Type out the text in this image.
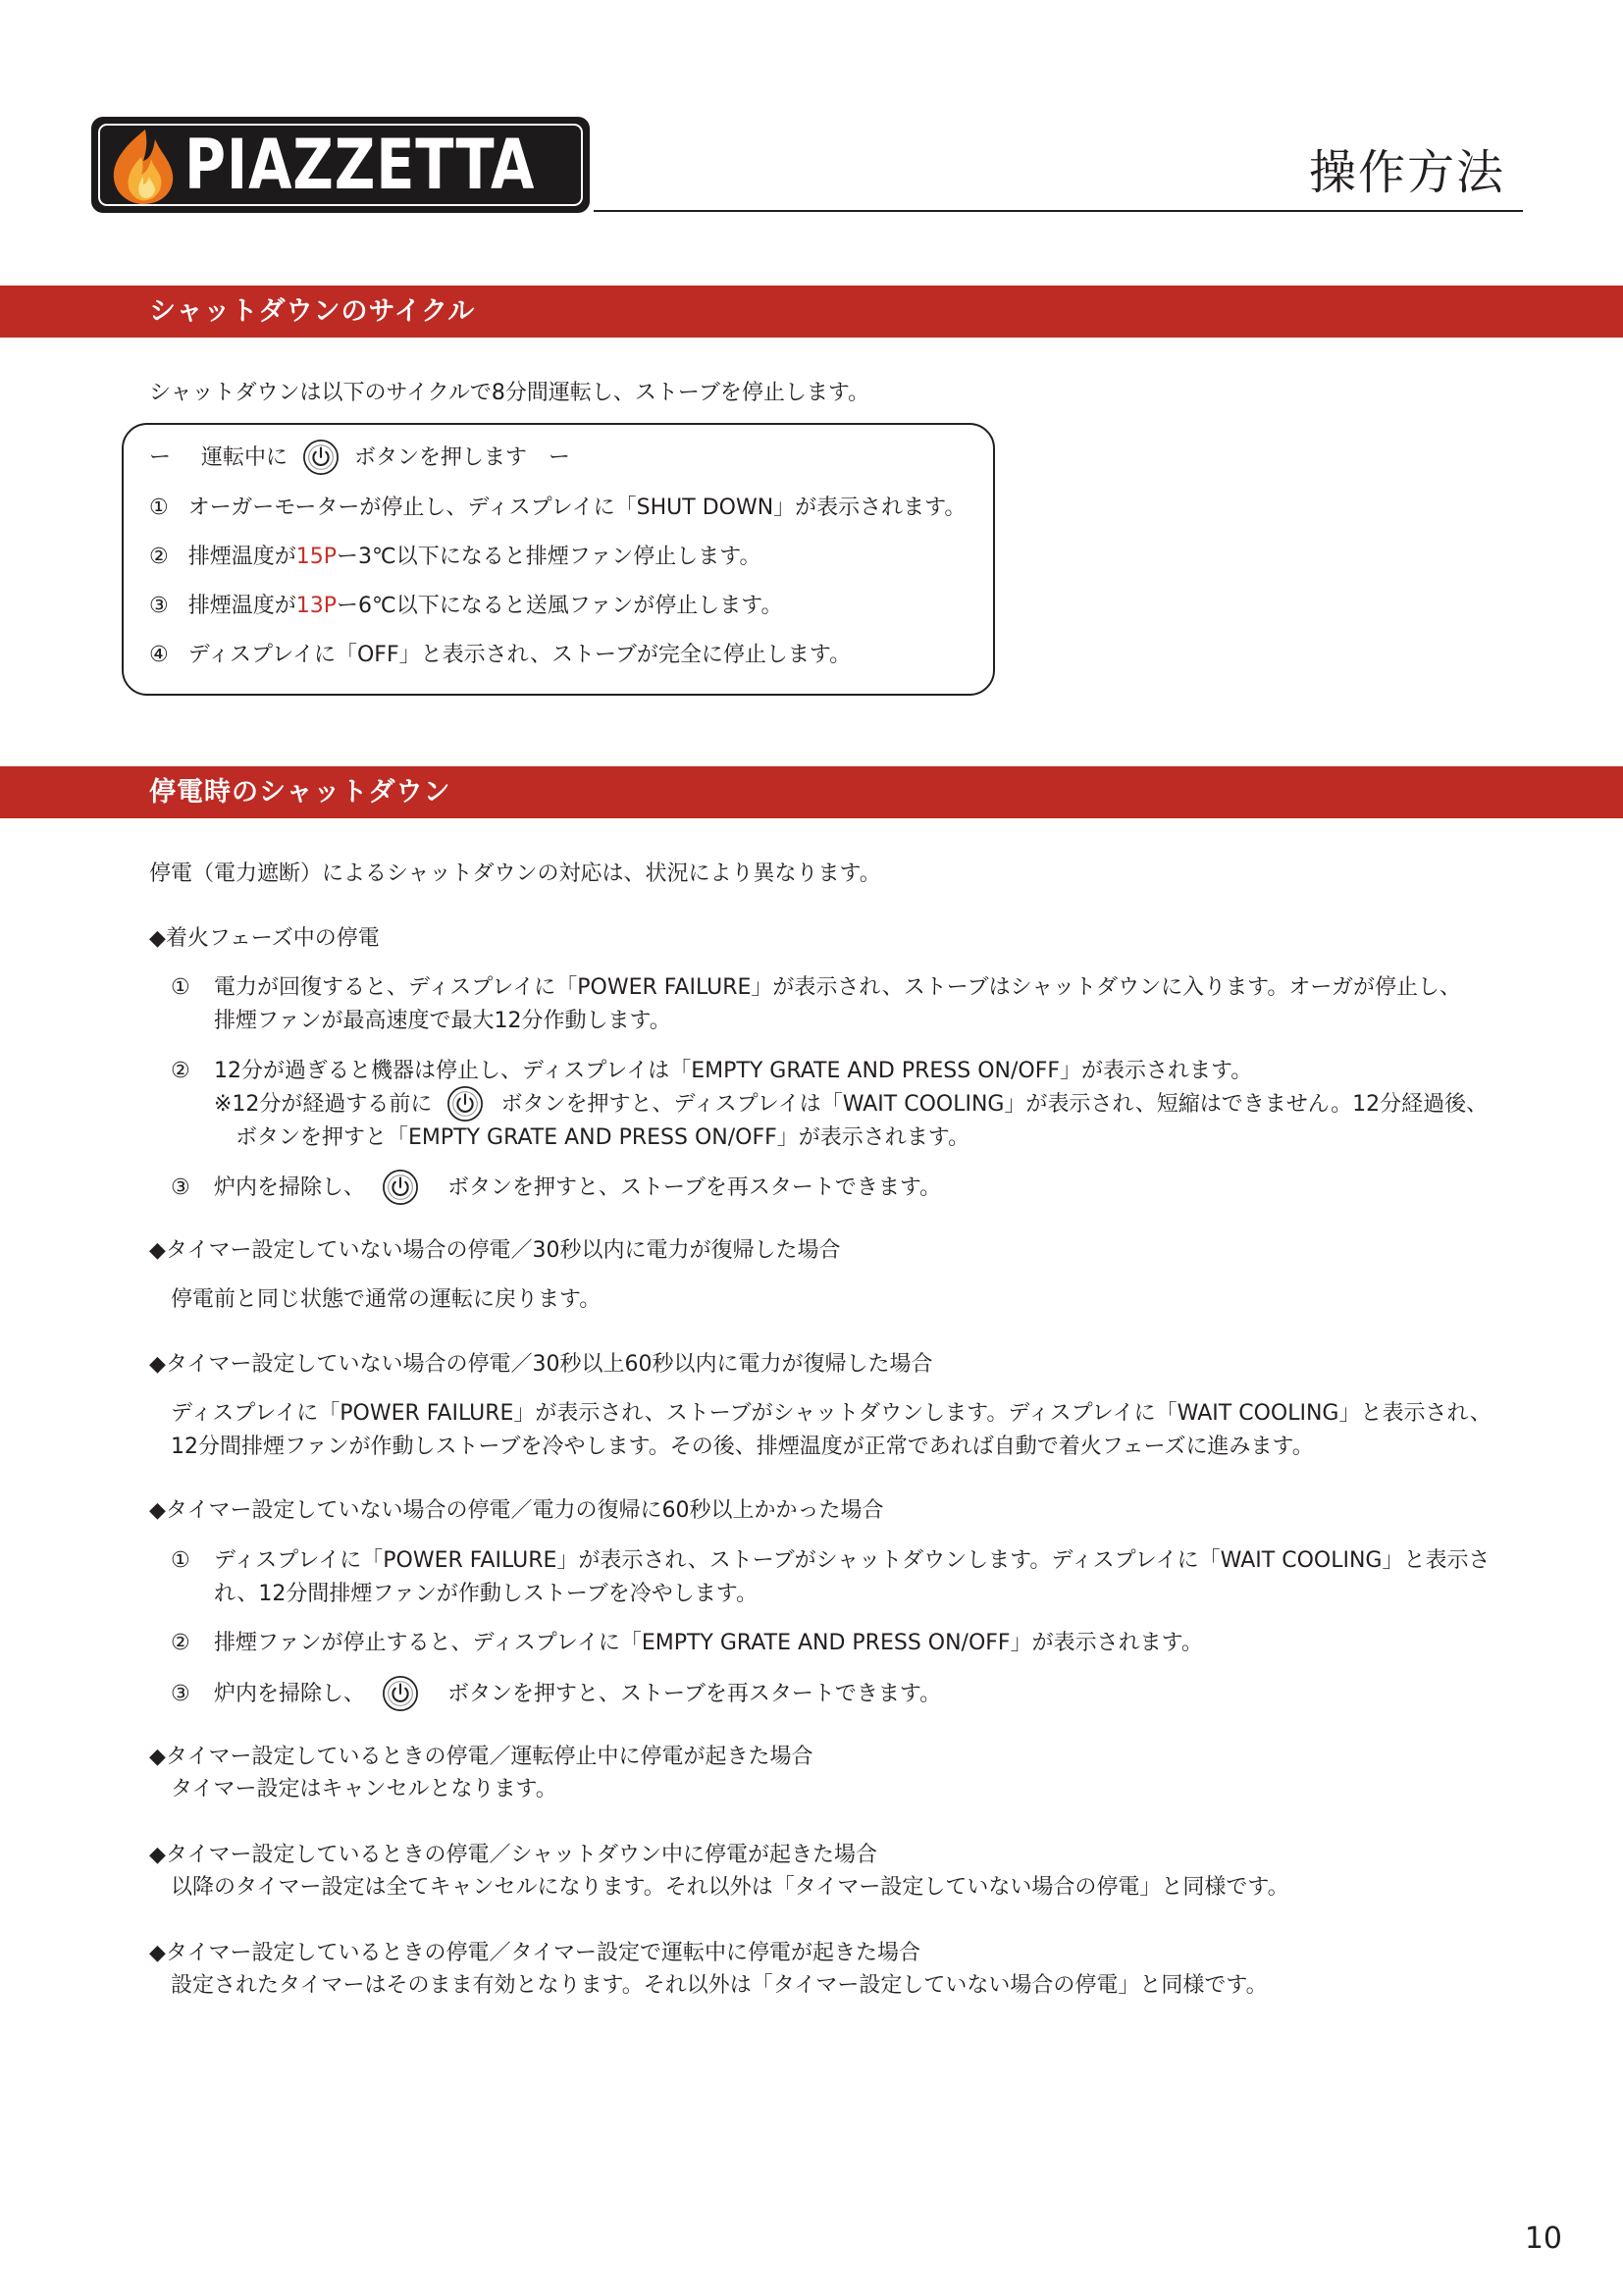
PIAZZETTA	操作方法
シャットダウンのサイクル
シャットダウンは以下のサイクルで8分間運転し、ストーブを停止します。
ー 運転中に	ボタンを押します　ー
① オーガーモーターが停止し、ディスプレイに「SHUT DOWN」が表示されます。
② 排煙温度が15Pー3℃以下になると排煙ファン停止します。
③ 排煙温度が13Pー6℃以下になると送風ファンが停止します。
④ ディスプレイに「OFF」と表示され、ストーブが完全に停止します。
停電時のシャットダウン
停電（電力遮断）によるシャットダウンの対応は、状況により異なります。
◆着火フェーズ中の停電
① 電力が回復すると、ディスプレイに「POWER FAILURE」が表示され、ストーブはシャットダウンに入ります。オーガが停止し、
排煙ファンが最高速度で最大12分作動します。
② 12分が過ぎると機器は停止し、ディスプレイは「EMPTY GRATE AND PRESS ON/OFF」が表示されます。
※12分が経過する前に	ボタンを押すと、ディスプレイは「WAIT COOLING」が表示され、短縮はできません。12分経過後、
ボタンを押すと「EMPTY GRATE AND PRESS ON/OFF」が表示されます。
③ 炉内を掃除し、	ボタンを押すと、ストーブを再スタートできます。
◆タイマー設定していない場合の停電／30秒以内に電力が復帰した場合
停電前と同じ状態で通常の運転に戻ります。
◆タイマー設定していない場合の停電／30秒以上60秒以内に電力が復帰した場合
ディスプレイに「POWER FAILURE」が表示され、ストーブがシャットダウンします。ディスプレイに「WAIT COOLING」と表示され、
12分間排煙ファンが作動しストーブを冷やします。その後、排煙温度が正常であれば自動で着火フェーズに進みます。
◆タイマー設定していない場合の停電／電力の復帰に60秒以上かかった場合
① ディスプレイに「POWER FAILURE」が表示され、ストーブがシャットダウンします。ディスプレイに「WAIT COOLING」と表示さ
れ、12分間排煙ファンが作動しストーブを冷やします。
② 排煙ファンが停止すると、ディスプレイに「EMPTY GRATE AND PRESS ON/OFF」が表示されます。
③ 炉内を掃除し、	ボタンを押すと、ストーブを再スタートできます。
◆タイマー設定しているときの停電／運転停止中に停電が起きた場合
タイマー設定はキャンセルとなります。
◆タイマー設定しているときの停電／シャットダウン中に停電が起きた場合
以降のタイマー設定は全てキャンセルになります。それ以外は「タイマー設定していない場合の停電」と同様です。
◆タイマー設定しているときの停電／タイマー設定で運転中に停電が起きた場合
設定されたタイマーはそのまま有効となります。それ以外は「タイマー設定していない場合の停電」と同様です。
10
